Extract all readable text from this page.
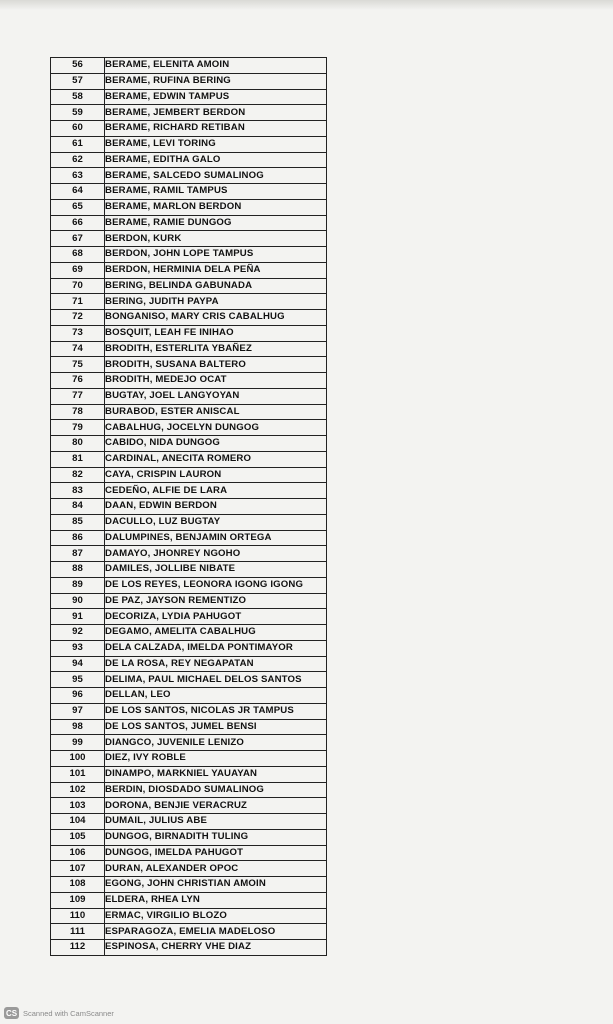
56	BERAME, ELENITA AMOIN
57	BERAME, RUFINA BERING
58	BERAME, EDWIN TAMPUS
59	BERAME, JEMBERT BERDON
60	BERAME, RICHARD RETIBAN
61	BERAME, LEVI TORING
62	BERAME, EDITHA GALO
63	BERAME, SALCEDO SUMALINOG
64	BERAME, RAMIL TAMPUS
65	BERAME, MARLON BERDON
66	BERAME, RAMIE DUNGOG
67	BERDON, KURK
68	BERDON, JOHN LOPE TAMPUS
69	BERDON, HERMINIA DELA PEÑA
70	BERING, BELINDA GABUNADA
71	BERING, JUDITH PAYPA
72	BONGANISO, MARY CRIS CABALHUG
73	BOSQUIT, LEAH FE INIHAO
74	BRODITH, ESTERLITA YBAÑEZ
75	BRODITH, SUSANA BALTERO
76	BRODITH, MEDEJO OCAT
77	BUGTAY, JOEL LANGYOYAN
78	BURABOD, ESTER ANISCAL
79	CABALHUG, JOCELYN DUNGOG
80	CABIDO, NIDA DUNGOG
81	CARDINAL, ANECITA ROMERO
82	CAYA, CRISPIN LAURON
83	CEDEÑO, ALFIE DE LARA
84	DAAN, EDWIN BERDON
85	DACULLO, LUZ BUGTAY
86	DALUMPINES, BENJAMIN ORTEGA
87	DAMAYO, JHONREY NGOHO
88	DAMILES, JOLLIBE NIBATE
89	DE LOS REYES, LEONORA IGONG IGONG
90	DE PAZ, JAYSON REMENTIZO
91	DECORIZA, LYDIA PAHUGOT
92	DEGAMO, AMELITA CABALHUG
93	DELA CALZADA, IMELDA PONTIMAYOR
94	DE LA ROSA, REY NEGAPATAN
95	DELIMA, PAUL MICHAEL DELOS SANTOS
96	DELLAN, LEO
97	DE LOS SANTOS, NICOLAS JR TAMPUS
98	DE LOS SANTOS, JUMEL BENSI
99	DIANGCO, JUVENILE LENIZO
100	DIEZ, IVY ROBLE
101	DINAMPO, MARKNIEL YAUAYAN
102	BERDIN, DIOSDADO SUMALINOG
103	DORONA, BENJIE VERACRUZ
104	DUMAIL, JULIUS ABE
105	DUNGOG, BIRNADITH TULING
106	DUNGOG, IMELDA PAHUGOT
107	DURAN, ALEXANDER OPOC
108	EGONG, JOHN CHRISTIAN AMOIN
109	ELDERA, RHEA LYN
110	ERMAC, VIRGILIO BLOZO
111	ESPARAGOZA, EMELIA MADELOSO
112	ESPINOSA, CHERRY VHE DIAZ
CS Scanned with CamScanner
